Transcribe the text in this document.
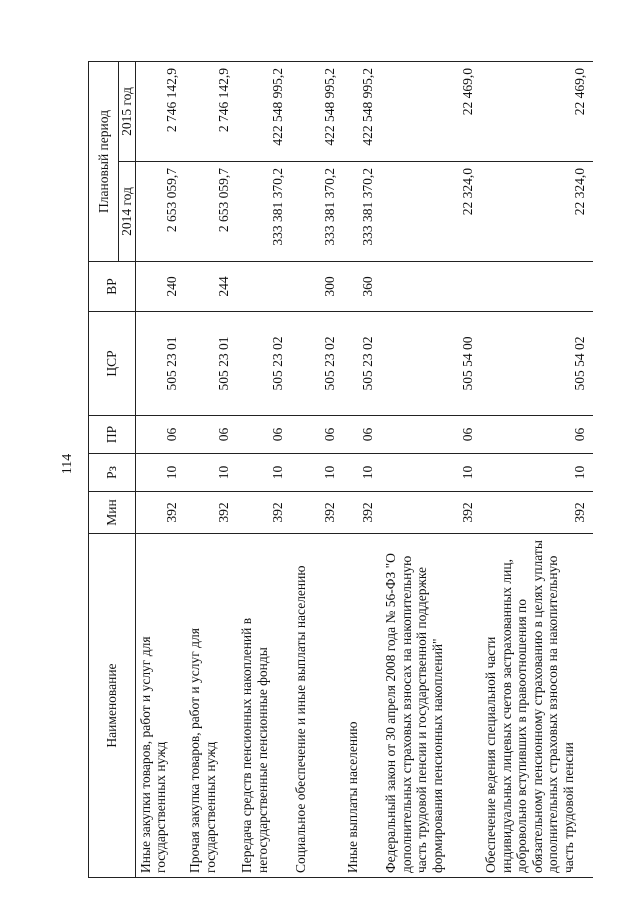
114
Наименование	Мин	Рз	ПР	ЦСР	ВР	Плановый период	
						2014 год	2015 год
Иные закупки товаров, работ и услуг для государственных нужд	392	10	06	505 23 01	240	2 653 059,7	2 746 142,9
Прочая закупка товаров, работ и услуг для государственных нужд	392	10	06	505 23 01	244	2 653 059,7	2 746 142,9
Передача средств пенсионных накоплений в негосударственные пенсионные фонды	392	10	06	505 23 02		333 381 370,2	422 548 995,2
Социальное обеспечение и иные выплаты населению	392	10	06	505 23 02	300	333 381 370,2	422 548 995,2
Иные выплаты населению	392	10	06	505 23 02	360	333 381 370,2	422 548 995,2
Федеральный закон от 30 апреля 2008 года № 56-ФЗ "О дополнительных страховых взносах на накопительную часть трудовой пенсии и государственной поддержке формирования пенсионных накоплений"	392	10	06	505 54 00		22 324,0	22 469,0
Обеспечение ведения специальной части индивидуальных лицевых счетов застрахованных лиц, добровольно вступивших в правоотношения по обязательному пенсионному страхованию в целях уплаты дополнительных страховых взносов на накопительную часть трудовой пенсии	392	10	06	505 54 02		22 324,0	22 469,0
